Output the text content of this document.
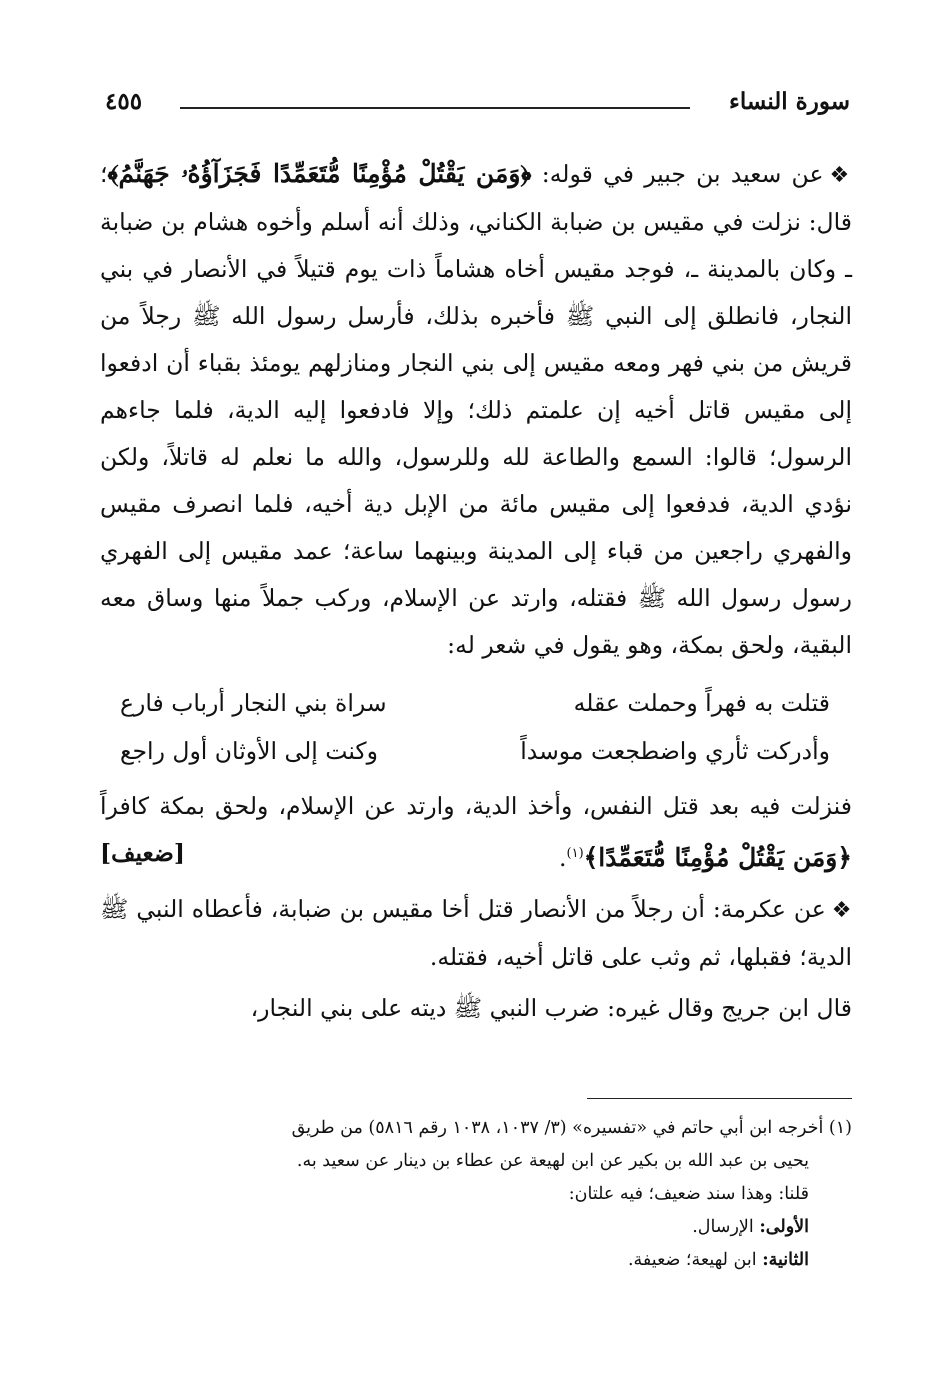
سورة النساء
٤٥٥

❖عن سعيد بن جبير في قوله: ﴿وَمَن يَقْتُلْ مُؤْمِنًا مُّتَعَمِّدًا فَجَزَآؤُهُۥ جَهَنَّمُ﴾؛ قال: نزلت في مقيس بن ضبابة الكناني، وذلك أنه أسلم وأخوه هشام بن ضبابة ـ وكان بالمدينة ـ، فوجد مقيس أخاه هشاماً ذات يوم قتيلاً في الأنصار في بني النجار، فانطلق إلى النبي ﷺ فأخبره بذلك، فأرسل رسول الله ﷺ رجلاً من قريش من بني فهر ومعه مقيس إلى بني النجار ومنازلهم يومئذ بقباء أن ادفعوا إلى مقيس قاتل أخيه إن علمتم ذلك؛ وإلا فادفعوا إليه الدية، فلما جاءهم الرسول؛ قالوا: السمع والطاعة لله وللرسول، والله ما نعلم له قاتلاً، ولكن نؤدي الدية، فدفعوا إلى مقيس مائة من الإبل دية أخيه، فلما انصرف مقيس والفهري راجعين من قباء إلى المدينة وبينهما ساعة؛ عمد مقيس إلى الفهري رسول رسول الله ﷺ فقتله، وارتد عن الإسلام، وركب جملاً منها وساق معه البقية، ولحق بمكة، وهو يقول في شعر له:

قتلت به فهراً وحملت عقله
سراة بني النجار أرباب فارع
وأدركت ثأري واضطجعت موسداً
وكنت إلى الأوثان أول راجع

فنزلت فيه بعد قتل النفس، وأخذ الدية، وارتد عن الإسلام، ولحق بمكة كافراً ﴿وَمَن يَقْتُلْ مُؤْمِنًا مُّتَعَمِّدًا﴾$^{(١)}$.
[ضعيف]

❖عن عكرمة: أن رجلاً من الأنصار قتل أخا مقيس بن ضبابة، فأعطاه النبي ﷺ الدية؛ فقبلها، ثم وثب على قاتل أخيه، فقتله.

قال ابن جريج وقال غيره: ضرب النبي ﷺ ديته على بني النجار،

(١) أخرجه ابن أبي حاتم في «تفسيره» (٣/ ١٠٣٧، ١٠٣٨ رقم ٥٨١٦) من طريق

يحيى بن عبد الله بن بكير عن ابن لهيعة عن عطاء بن دينار عن سعيد به.

قلنا: وهذا سند ضعيف؛ فيه علتان:

الأولى: الإرسال.

الثانية: ابن لهيعة؛ ضعيفة.
